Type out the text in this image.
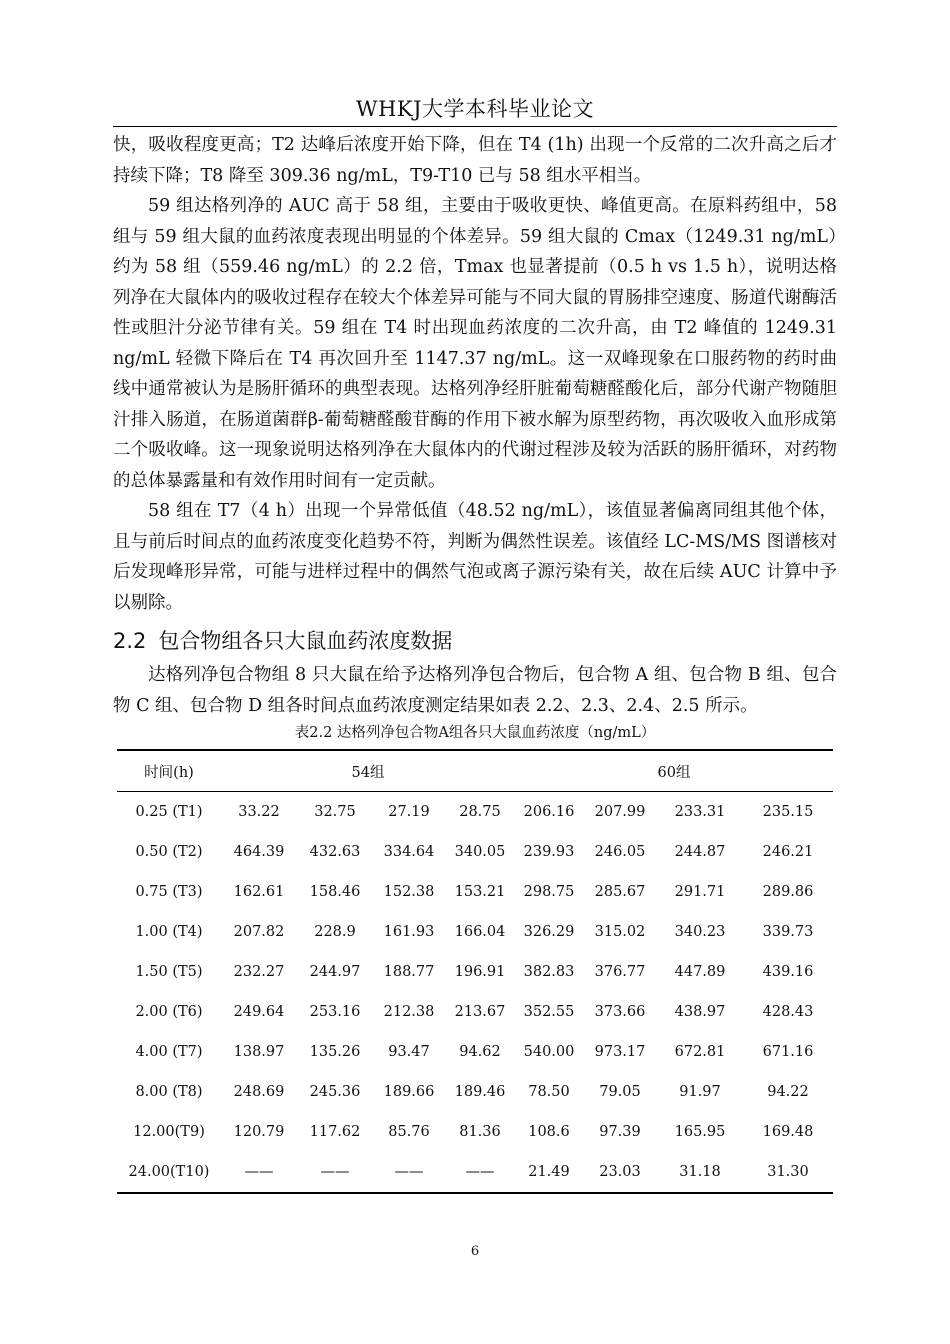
WHKJ大学本科毕业论文

快，吸收程度更高；T2 达峰后浓度开始下降，但在 T4 (1h) 出现一个反常的二次升高之后才持续下降；T8 降至 309.36 ng/mL，T9-T10 已与 58 组水平相当。

59 组达格列净的 AUC 高于 58 组，主要由于吸收更快、峰值更高。在原料药组中，58 组与 59 组大鼠的血药浓度表现出明显的个体差异。59 组大鼠的 Cmax（1249.31 ng/mL）约为 58 组（559.46 ng/mL）的 2.2 倍，Tmax 也显著提前（0.5 h vs 1.5 h），说明达格列净在大鼠体内的吸收过程存在较大个体差异可能与不同大鼠的胃肠排空速度、肠道代谢酶活性或胆汁分泌节律有关。59 组在 T4 时出现血药浓度的二次升高，由 T2 峰值的 1249.31 ng/mL 轻微下降后在 T4 再次回升至 1147.37 ng/mL。这一双峰现象在口服药物的药时曲线中通常被认为是肠肝循环的典型表现。达格列净经肝脏葡萄糖醛酸化后，部分代谢产物随胆汁排入肠道，在肠道菌群β-葡萄糖醛酸苷酶的作用下被水解为原型药物，再次吸收入血形成第二个吸收峰。这一现象说明达格列净在大鼠体内的代谢过程涉及较为活跃的肠肝循环，对药物的总体暴露量和有效作用时间有一定贡献。

58 组在 T7（4 h）出现一个异常低值（48.52 ng/mL），该值显著偏离同组其他个体，且与前后时间点的血药浓度变化趋势不符，判断为偶然性误差。该值经 LC-MS/MS 图谱核对后发现峰形异常，可能与进样过程中的偶然气泡或离子源污染有关，故在后续 AUC 计算中予以剔除。

2.2 包合物组各只大鼠血药浓度数据

达格列净包合物组 8 只大鼠在给予达格列净包合物后，包合物 A 组、包合物 B 组、包合物 C 组、包合物 D 组各时间点血药浓度测定结果如表 2.2、2.3、2.4、2.5 所示。

表2.2 达格列净包合物A组各只大鼠血药浓度（ng/mL）
时间(h)	54组				60组			
0.25 (T1)	33.22	32.75	27.19	28.75	206.16	207.99	233.31	235.15
0.50 (T2)	464.39	432.63	334.64	340.05	239.93	246.05	244.87	246.21
0.75 (T3)	162.61	158.46	152.38	153.21	298.75	285.67	291.71	289.86
1.00 (T4)	207.82	228.9	161.93	166.04	326.29	315.02	340.23	339.73
1.50 (T5)	232.27	244.97	188.77	196.91	382.83	376.77	447.89	439.16
2.00 (T6)	249.64	253.16	212.38	213.67	352.55	373.66	438.97	428.43
4.00 (T7)	138.97	135.26	93.47	94.62	540.00	973.17	672.81	671.16
8.00 (T8)	248.69	245.36	189.66	189.46	78.50	79.05	91.97	94.22
12.00(T9)	120.79	117.62	85.76	81.36	108.6	97.39	165.95	169.48
24.00(T10)	——	——	——	——	21.49	23.03	31.18	31.30
6
